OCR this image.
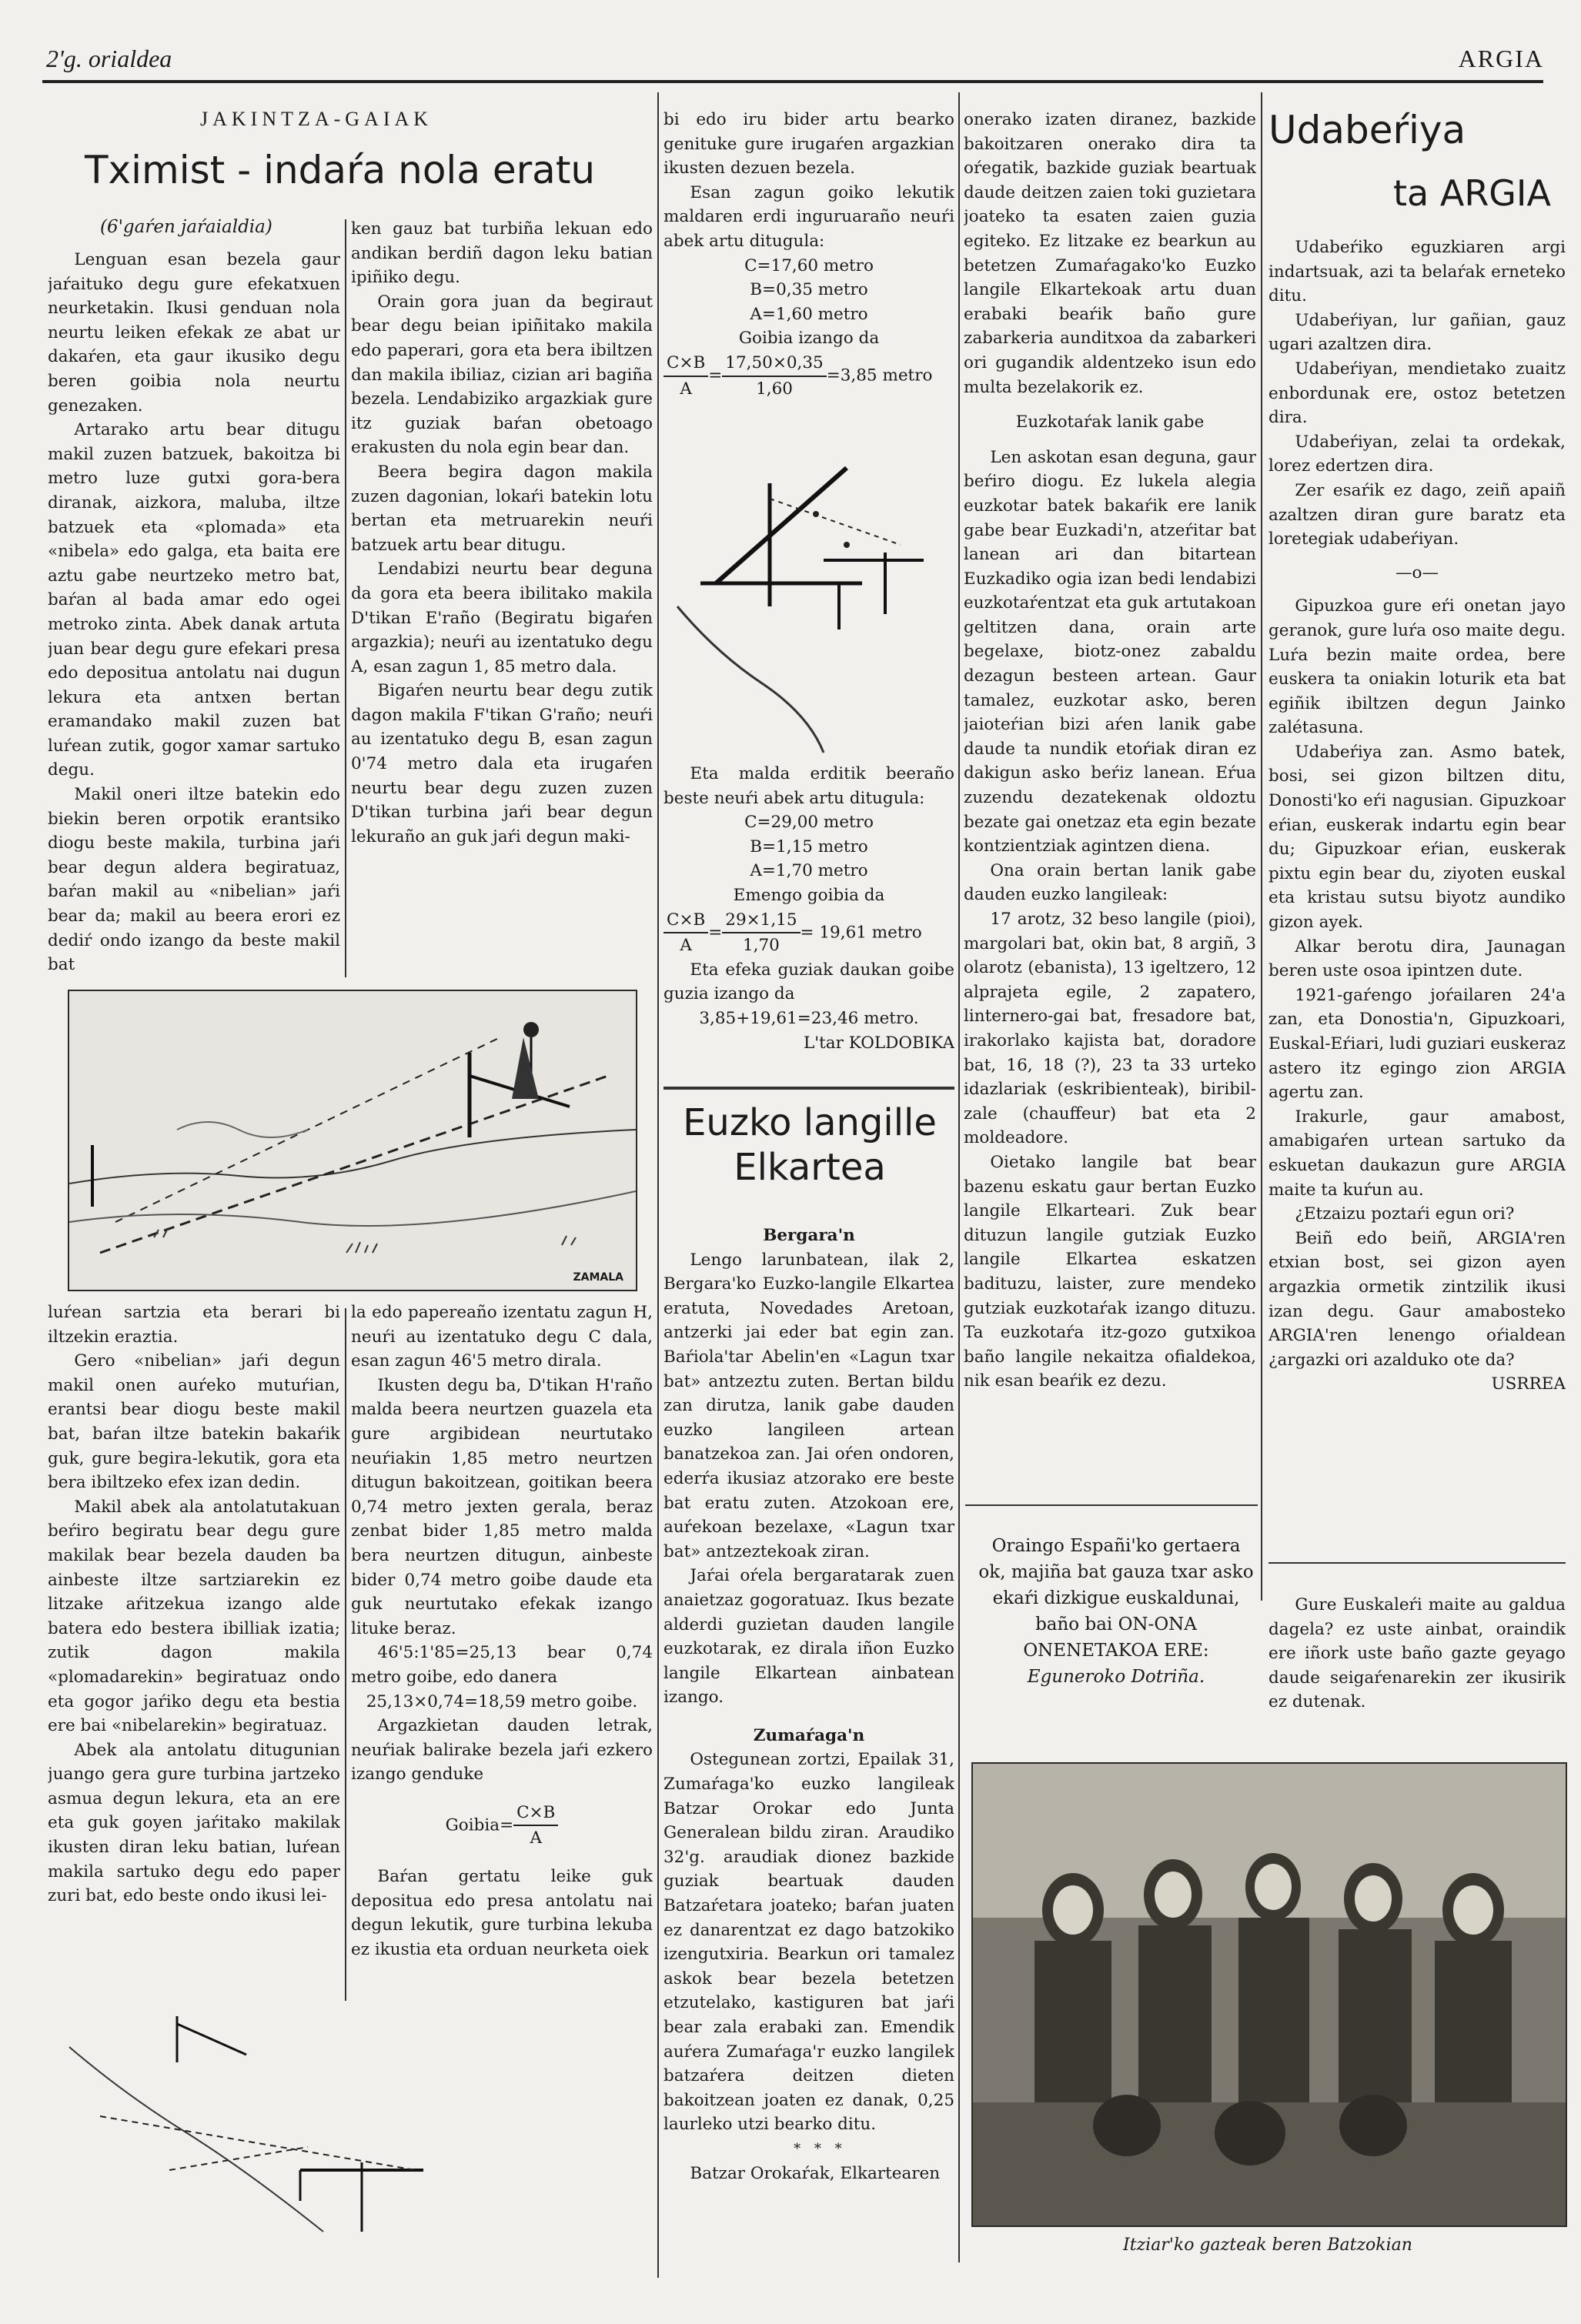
2'g. orialdea	ARGIA
JAKINTZA-GAIAK
Tximist - indaŕa nola eratu
(6'gaŕen jaŕaialdia)

Lenguan esan bezela gaur jaŕaituko degu gure efekatxuen neurketakin. Ikusi genduan nola neurtu leiken efekak ze abat ur dakaŕen, eta gaur ikusiko degu beren goibia nola neurtu genezaken.

Artarako artu bear ditugu makil zuzen batzuek, bakoitza bi metro luze gutxi gora-bera diranak, aizkora, maluba, iltze batzuek eta «plomada» eta «nibela» edo galga, eta baita ere aztu gabe neurtzeko metro bat, baŕan al bada amar edo ogei metroko zinta. Abek danak artuta juan bear degu gure efekari presa edo depositua antolatu nai dugun lekura eta antxen bertan eramandako makil zuzen bat luŕean zutik, gogor xamar sartuko degu.

Makil oneri iltze batekin edo biekin beren orpotik erantsiko diogu beste makila, turbina jaŕi bear degun aldera begiratuaz, baŕan makil au «nibelian» jaŕi bear da; makil au beera erori ez dediŕ ondo izango da beste makil bat

ken gauz bat turbiña lekuan edo andikan berdiñ dagon leku batian ipiñiko degu.

Orain gora juan da begiraut bear degu beian ipiñitako makila edo paperari, gora eta bera ibiltzen dan makila ibiliaz, cizian ari bagiña bezela. Lendabiziko argazkiak gure itz guziak baŕan obetoago erakusten du nola egin bear dan.

Beera begira dagon makila zuzen dagonian, lokaŕi batekin lotu bertan eta metruarekin neuŕi batzuek artu bear ditugu.

Lendabizi neurtu bear deguna da gora eta beera ibilitako makila D'tikan E'raño (Begiratu bigaŕen argazkia); neuŕi au izentatuko degu A, esan zagun 1, 85 metro dala.

Bigaŕen neurtu bear degu zutik dagon makila F'tikan G'raño; neuŕi au izentatuko degu B, esan zagun 0'74 metro dala eta irugaŕen neurtu bear degu zuzen zuzen D'tikan turbina jaŕi bear degun lekuraño an guk jaŕi degun maki-

ZAMALA

luŕean sartzia eta berari bi iltzekin eraztia.

Gero «nibelian» jaŕi degun makil onen auŕeko mutuŕian, erantsi bear diogu beste makil bat, baŕan iltze batekin bakaŕik guk, gure begira-lekutik, gora eta bera ibiltzeko efex izan dedin.

Makil abek ala antolatutakuan beŕiro begiratu bear degu gure makilak bear bezela dauden ba ainbeste iltze sartziarekin ez litzake aŕitzekua izango alde batera edo bestera ibilliak izatia; zutik dagon makila «plomadarekin» begiratuaz ondo eta gogor jaŕiko degu eta bestia ere bai «nibelarekin» begiratuaz.

Abek ala antolatu ditugunian juango gera gure turbina jartzeko asmua degun lekura, eta an ere eta guk goyen jaŕitako makilak ikusten diran leku batian, luŕean makila sartuko degu edo paper zuri bat, edo beste ondo ikusi lei-

la edo papereaño izentatu zagun H, neuŕi au izentatuko degu C dala, esan zagun 46'5 metro dirala.

Ikusten degu ba, D'tikan H'raño malda beera neurtzen guazela eta gure argibidean neurtutako neuŕiakin 1,85 metro neurtzen ditugun bakoitzean, goitikan beera 0,74 metro jexten gerala, beraz zenbat bider 1,85 metro malda bera neurtzen ditugun, ainbeste bider 0,74 metro goibe daude eta guk neurtutako efekak izango lituke beraz.

46'5:1'85=25,13 bear 0,74 metro goibe, edo danera

25,13×0,74=18,59 metro goibe.

Argazkietan dauden letrak, neuŕiak balirake bezela jaŕi ezkero izango genduke

Goibia= $\frac{C\times B}{A}$

Baŕan gertatu leike guk depositua edo presa antolatu nai degun lekutik, gure turbina lekuba ez ikustia eta orduan neurketa oiek

bi edo iru bider artu bearko genituke gure irugaŕen argazkian ikusten dezuen bezela.

Esan zagun goiko lekutik maldaren erdi inguruaraño neuŕi abek artu ditugula:

C=17,60 metro

B=0,35 metro

A=1,60 metro

Goibia izango da

$\frac{C\times B}{A} = \frac{17,50\times 0,35}{1,60} =3,85$ metro

Eta malda erditik beeraño beste neuŕi abek artu ditugula:

C=29,00 metro

B=1,15 metro

A=1,70 metro

Emengo goibia da

$\frac{C\times B}{A} = \frac{29\times 1,15}{1,70} = 19,61$ metro

Eta efeka guziak daukan goibe guzia izango da

3,85+19,61=23,46 metro.

L'tar KOLDOBIKA

Euzko langille
Elkartea

Bergara'n

Lengo larunbatean, ilak 2, Bergara'ko Euzko-langile Elkartea eratuta, Novedades Aretoan, antzerki jai eder bat egin zan. Baŕiola'tar Abelin'en «Lagun txar bat» antzeztu zuten. Bertan bildu zan dirutza, lanik gabe dauden euzko langileen artean banatzekoa zan. Jai oŕen ondoren, ederŕa ikusiaz atzorako ere beste bat eratu zuten. Atzokoan ere, auŕekoan bezelaxe, «Lagun txar bat» antzeztekoak ziran.

Jaŕai oŕela bergaratarak zuen anaietzaz gogoratuaz. Ikus bezate alderdi guzietan dauden langile euzkotarak, ez dirala iñon Euzko langile Elkartean ainbatean izango.

Zumaŕaga'n

Ostegunean zortzi, Epailak 31, Zumaŕaga'ko euzko langileak Batzar Orokar edo Junta Generalean bildu ziran. Araudiko 32'g. araudiak dionez bazkide guziak beartuak dauden Batzaŕetara joateko; baŕan juaten ez danarentzat ez dago batzokiko izengutxiria. Bearkun ori tamalez askok bear bezela betetzen etzutelako, kastiguren bat jaŕi bear zala erabaki zan. Emendik auŕera Zumaŕaga'r euzko langilek batzaŕera deitzen dieten bakoitzean joaten ez danak, 0,25 laurleko utzi bearko ditu.

* * *

Batzar Orokaŕak, Elkartearen

onerako izaten diranez, bazkide bakoitzaren onerako dira ta oŕegatik, bazkide guziak beartuak daude deitzen zaien toki guzietara joateko ta esaten zaien guzia egiteko. Ez litzake ez bearkun au betetzen Zumaŕagako'ko Euzko langile Elkartekoak artu duan erabaki beaŕik baño gure zabarkeria aunditxoa da zabarkeri ori gugandik aldentzeko isun edo multa bezelakorik ez.

Euzkotaŕak lanik gabe

Len askotan esan deguna, gaur beŕiro diogu. Ez lukela alegia euzkotar batek bakaŕik ere lanik gabe bear Euzkadi'n, atzeŕitar bat lanean ari dan bitartean Euzkadiko ogia izan bedi lendabizi euzkotaŕentzat eta guk artutakoan geltitzen dana, orain arte begelaxe, biotz-onez zabaldu dezagun besteen artean. Gaur tamalez, euzkotar asko, beren jaioteŕian bizi aŕen lanik gabe daude ta nundik etoŕiak diran ez dakigun asko beŕiz lanean. Eŕua zuzendu dezatekenak oldoztu bezate gai onetzaz eta egin bezate kontzientziak agintzen diena.

Ona orain bertan lanik gabe dauden euzko langileak:

17 arotz, 32 beso langile (pioi), margolari bat, okin bat, 8 argiñ, 3 olarotz (ebanista), 13 igeltzero, 12 alprajeta egile, 2 zapatero, linternero-gai bat, fresadore bat, irakorlako kajista bat, doradore bat, 16, 18 (?), 23 ta 33 urteko idazlariak (eskribienteak), biribil-zale (chauffeur) bat eta 2 moldeadore.

Oietako langile bat bear bazenu eskatu gaur bertan Euzko langile Elkarteari. Zuk bear dituzun langile gutziak Euzko langile Elkartea eskatzen badituzu, laister, zure mendeko gutziak euzkotaŕak izango dituzu. Ta euzkotaŕa itz-gozo gutxikoa baño langile nekaitza ofialdekoa, nik esan beaŕik ez dezu.

Oraingo Españi'ko gertaera ok, majiña bat gauza txar asko ekaŕi dizkigue euskaldunai, baño bai ON-ONA ONENETAKOA ERE:

Eguneroko Dotriña.

Itziar'ko gazteak beren Batzokian
Udabeŕiya
ta ARGIA

Udabeŕiko eguzkiaren argi indartsuak, azi ta belaŕak erneteko ditu.

Udabeŕiyan, lur gañian, gauz ugari azaltzen dira.

Udabeŕiyan, mendietako zuaitz enbordunak ere, ostoz betetzen dira.

Udabeŕiyan, zelai ta ordekak, lorez edertzen dira.

Zer esaŕik ez dago, zeiñ apaiñ azaltzen diran gure baratz eta loretegiak udabeŕiyan.

—o—

Gipuzkoa gure eŕi onetan jayo geranok, gure luŕa oso maite degu. Luŕa bezin maite ordea, bere euskera ta oniakin loturik eta bat egiñik ibiltzen degun Jainko zalétasuna.

Udabeŕiya zan. Asmo batek, bosi, sei gizon biltzen ditu, Donosti'ko eŕi nagusian. Gipuzkoar eŕian, euskerak indartu egin bear du; Gipuzkoar eŕian, euskerak pixtu egin bear du, ziyoten euskal eta kristau sutsu biyotz aundiko gizon ayek.

Alkar berotu dira, Jaunagan beren uste osoa ipintzen dute.

1921-gaŕengo joŕailaren 24'a zan, eta Donostia'n, Gipuzkoari, Euskal-Eŕiari, ludi guziari euskeraz astero itz egingo zion ARGIA agertu zan.

Irakurle, gaur amabost, amabigaŕen urtean sartuko da eskuetan daukazun gure ARGIA maite ta kuŕun au.

¿Etzaizu poztaŕi egun ori?

Beiñ edo beiñ, ARGIA'ren etxian bost, sei gizon ayen argazkia ormetik zintzilik ikusi izan degu. Gaur amabosteko ARGIA'ren lenengo oŕialdean ¿argazki ori azalduko ote da?

USRREA

Gure Euskaleŕi maite au galdua dagela? ez uste ainbat, oraindik ere iñork uste baño gazte geyago daude seigaŕenarekin zer ikusirik ez dutenak.
